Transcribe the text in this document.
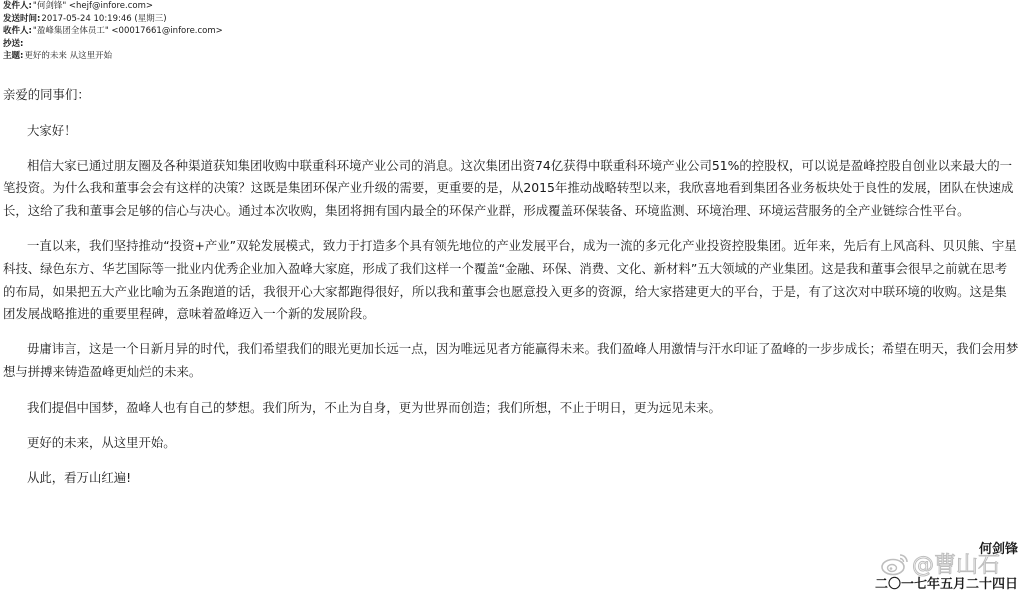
发件人: "何剑锋" <hejf@infore.com>
发送时间: 2017-05-24 10:19:46 (星期三)
收件人: "盈峰集团全体员工" <00017661@infore.com>
抄送:
主题: 更好的未来 从这里开始

亲爱的同事们：

大家好！

相信大家已通过朋友圈及各种渠道获知集团收购中联重科环境产业公司的消息。这次集团出资74亿获得中联重科环境产业公司51%的控股权，可以说是盈峰控股自创业以来最大的一笔投资。为什么我和董事会会有这样的决策？这既是集团环保产业升级的需要，更重要的是，从2015年推动战略转型以来，我欣喜地看到集团各业务板块处于良性的发展，团队在快速成长，这给了我和董事会足够的信心与决心。通过本次收购，集团将拥有国内最全的环保产业群，形成覆盖环保装备、环境监测、环境治理、环境运营服务的全产业链综合性平台。

一直以来，我们坚持推动“投资+产业”双轮发展模式，致力于打造多个具有领先地位的产业发展平台，成为一流的多元化产业投资控股集团。近年来，先后有上风高科、贝贝熊、宇星科技、绿色东方、华艺国际等一批业内优秀企业加入盈峰大家庭，形成了我们这样一个覆盖“金融、环保、消费、文化、新材料”五大领域的产业集团。这是我和董事会很早之前就在思考的布局，如果把五大产业比喻为五条跑道的话，我很开心大家都跑得很好，所以我和董事会也愿意投入更多的资源，给大家搭建更大的平台，于是，有了这次对中联环境的收购。这是集团发展战略推进的重要里程碑，意味着盈峰迈入一个新的发展阶段。

毋庸讳言，这是一个日新月异的时代，我们希望我们的眼光更加长远一点，因为唯远见者方能赢得未来。我们盈峰人用激情与汗水印证了盈峰的一步步成长；希望在明天，我们会用梦想与拼搏来铸造盈峰更灿烂的未来。

我们提倡中国梦，盈峰人也有自己的梦想。我们所为，不止为自身，更为世界而创造；我们所想，不止于明日，更为远见未来。

更好的未来，从这里开始。

从此，看万山红遍!

@曹山石
何剑锋
二〇一七年五月二十四日
